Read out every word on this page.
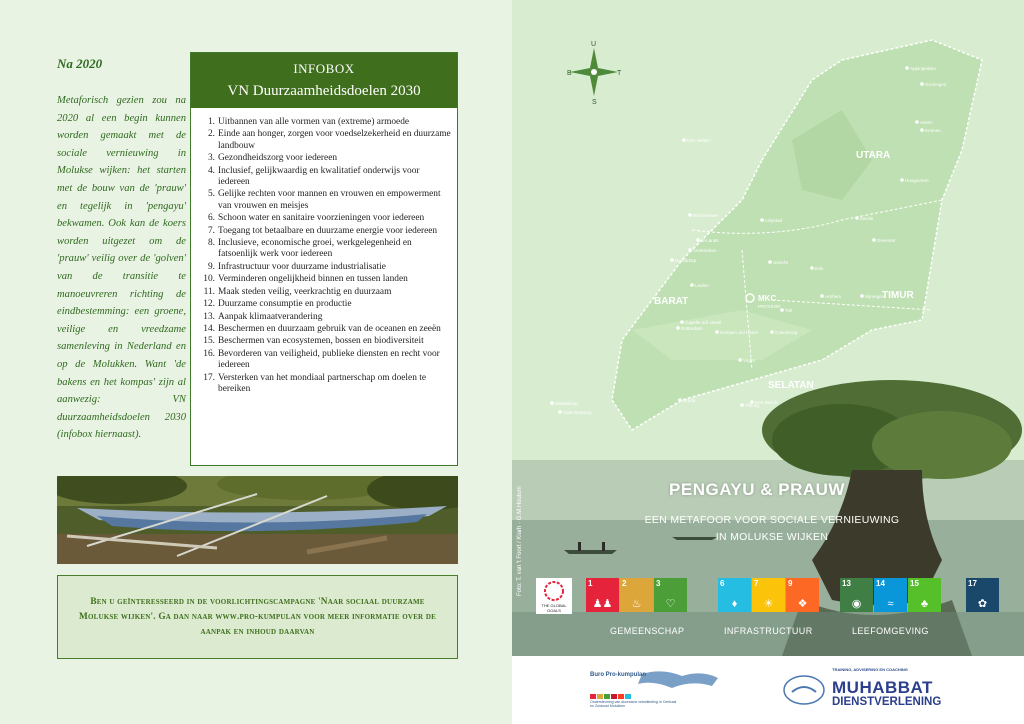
Na 2020

Metaforisch gezien zou na 2020 al een begin kunnen worden gemaakt met de sociale vernieuwing in Molukse wijken: het starten met de bouw van de 'prauw' en tegelijk in 'pengayu' bekwamen. Ook kan de koers worden uitgezet om de 'prauw' veilig over de 'golven' van de transitie te manoeuvreren richting de eindbestemming: een groene, veilige en vreedzame samenleving in Nederland en op de Molukken. Want 'de bakens en het kompas' zijn al aanwezig: VN duurzaamheidsdoelen 2030 (infobox hiernaast).

INFOBOX
VN Duurzaamheidsdoelen 2030
1. Uitbannen van alle vormen van (extreme) armoede
2. Einde aan honger, zorgen voor voedselzekerheid en duurzame landbouw
3. Gezondheidszorg voor iedereen
4. Inclusief, gelijkwaardig en kwalitatief onderwijs voor iedereen
5. Gelijke rechten voor mannen en vrouwen en empowerment van vrouwen en meisjes
6. Schoon water en sanitaire voorzieningen voor iedereen
7. Toegang tot betaalbare en duurzame energie voor iedereen
8. Inclusieve, economische groei, werkgelegenheid en fatsoenlijk werk voor iedereen
9. Infrastructuur voor duurzame industrialisatie
10. Verminderen ongelijkheid binnen en tussen landen
11. Maak steden veilig, veerkrachtig en duurzaam
12. Duurzame consumptie en productie
13. Aanpak klimaatverandering
14. Beschermen en duurzaam gebruik van de oceanen en zeeën
15. Beschermen van ecosystemen, bossen en biodiversiteit
16. Bevorderen van veiligheid, publieke diensten en recht voor iedereen
17. Versterken van het mondiaal partnerschap om doelen te bereiken

Ben u geïnteresseerd in de voorlichtingscampagne 'Naar sociaal duurzame Molukse wijken'. Ga dan naar www.pro-kumpulan voor meer informatie over de aanpak en inhoud daarvan

U
B	T
S
UTARA
BARAT
TIMUR
SELATAN
MKC
PROVKOR
Den Helder
Wormerveer
Lelystad
IJ-Lands
Amsterdam
Hoofddorp
Leiden
Utrecht
Zwolle
Deventer
Appingedam
Groningen
Assen
Emmen
Hoogeveen
Ede
Arnhem	Nijmegen
Tiel
Culemborg
Capelle a/d IJssel
Rotterdam
Krimpen a/d IJssel
Vught
Den Bosch
Breda
Tilburg
Middelburg
Oost-Souburg
PENGAYU & PRAUW
EEN METAFOOR VOOR SOCIALE VERNIEUWING
IN MOLUKSE WIJKEN
Foto: T. van 't Foort / Kiarh · G.M.Houtum
THE GLOBAL GOALS
1
♟♟
2
♨
3
♡
6
♦
7
☀
9
❖
13
◉
14
≈
15
♣
17
✿
GEMEENSCHAP	INFRASTRUCTUUR	LEEFOMGEVING
Buro Pro-kumpulan
Ondersteuning van duurzame ontwikkeling in Centraal en Zuidoost Molukken
TRAINING, ADVISERING EN COACHING
MUHABBAT
DIENSTVERLENING
